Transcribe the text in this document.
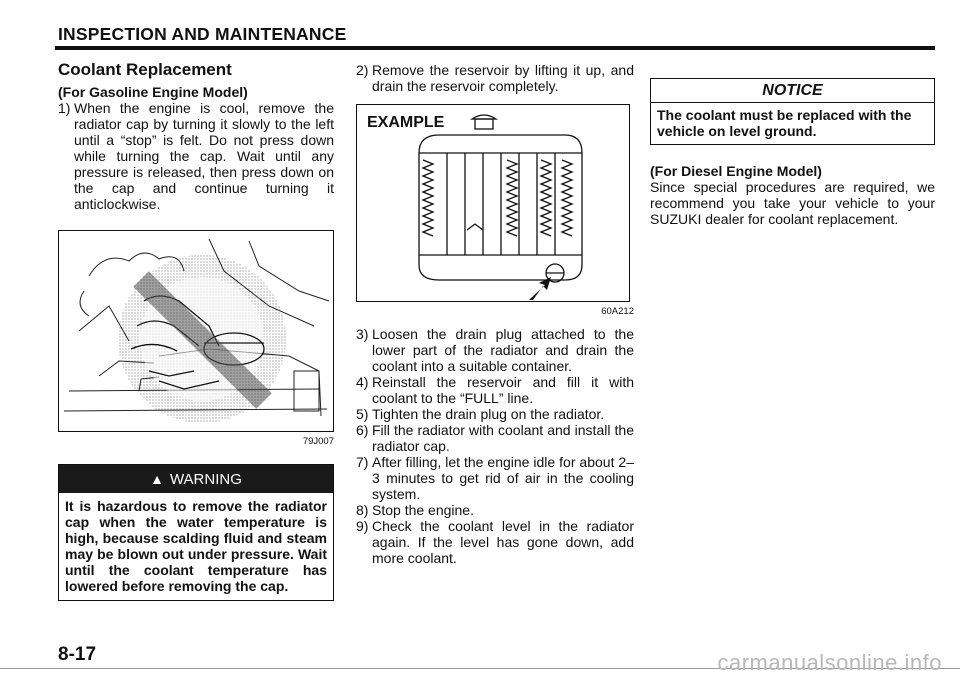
INSPECTION AND MAINTENANCE
Coolant Replacement
(For Gasoline Engine Model)
1) When the engine is cool, remove the radiator cap by turning it slowly to the left until a “stop” is felt. Do not press down while turning the cap. Wait until any pressure is released, then press down on the cap and continue turning it anticlockwise.
79J007
▲ WARNING
It is hazardous to remove the radiator cap when the water temperature is high, because scalding fluid and steam may be blown out under pressure. Wait until the coolant temperature has lowered before removing the cap.
2) Remove the reservoir by lifting it up, and drain the reservoir completely.
EXAMPLE
60A212
3) Loosen the drain plug attached to the lower part of the radiator and drain the coolant into a suitable container.
4) Reinstall the reservoir and fill it with coolant to the “FULL” line.
5) Tighten the drain plug on the radiator.
6) Fill the radiator with coolant and install the radiator cap.
7) After filling, let the engine idle for about 2–3 minutes to get rid of air in the cooling system.
8) Stop the engine.
9) Check the coolant level in the radiator again. If the level has gone down, add more coolant.
NOTICE
The coolant must be replaced with the vehicle on level ground.
(For Diesel Engine Model)
Since special procedures are required, we recommend you take your vehicle to your SUZUKI dealer for coolant replacement.
8-17	carmanualsonline.info
